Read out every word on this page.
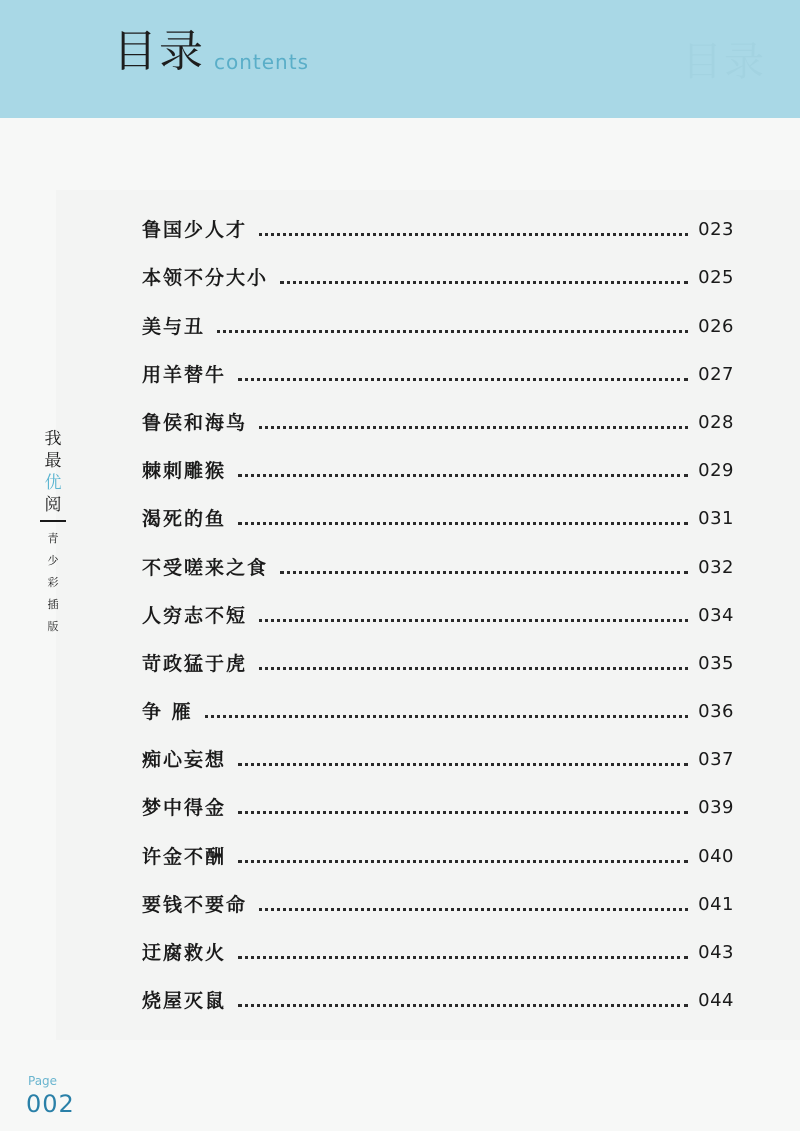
目录 contents	目录
鲁国少人才	023
本领不分大小	025
美与丑	026
用羊替牛	027
鲁侯和海鸟	028
棘刺雕猴	029
渴死的鱼	031
不受嗟来之食	032
人穷志不短	034
苛政猛于虎	035
争 雁	036
痴心妄想	037
梦中得金	039
许金不酬	040
要钱不要命	041
迂腐救火	043
烧屋灭鼠	044
我
最
优
阅
青
少
彩
插
版
Page
002
